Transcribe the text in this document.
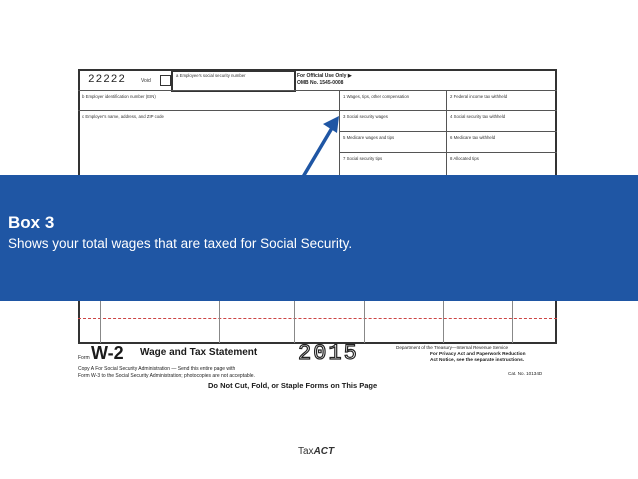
22222	Void
a Employee's social security number	For Official Use Only ▶
OMB No. 1545-0008
b Employer identification number (EIN)	1 Wages, tips, other compensation	2 Federal income tax withheld
c Employer's name, address, and ZIP code	3 Social security wages	4 Social security tax withheld
5 Medicare wages and tips	6 Medicare tax withheld
7 Social security tips	8 Allocated tips
Box 3
Shows your total wages that are taxed for Social Security.
Form W-2 Wage and Tax Statement 2015	Department of the Treasury—Internal Revenue Service
For Privacy Act and Paperwork Reduction
Act Notice, see the separate instructions.
Copy A For Social Security Administration — Send this entire page with
Form W-3 to the Social Security Administration; photocopies are not acceptable.	Cat. No. 10134D
Do Not Cut, Fold, or Staple Forms on This Page
TaxACT
